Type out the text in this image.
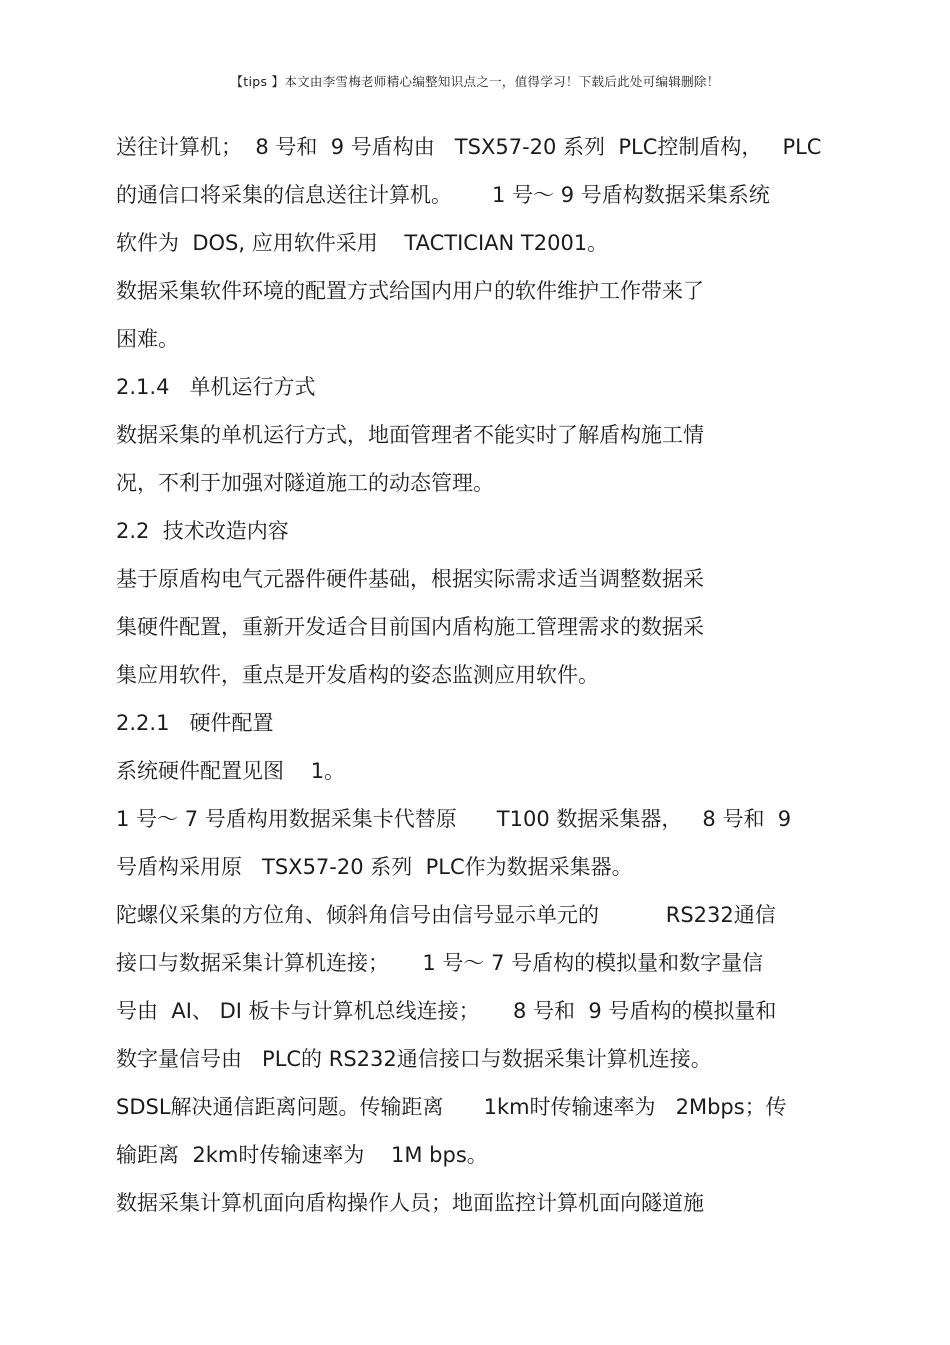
【tips 】本文由李雪梅老师精心编整知识点之一，值得学习！下载后此处可编辑删除！
送往计算机；  8 号和  9 号盾构由   TSX57-20 系列  PLC控制盾构，   PLC
的通信口将采集的信息送往计算机。      1 号～ 9 号盾构数据采集系统
软件为  DOS, 应用软件采用    TACTICIAN T2001。
数据采集软件环境的配置方式给国内用户的软件维护工作带来了
困难。
2.1.4   单机运行方式
数据采集的单机运行方式，地面管理者不能实时了解盾构施工情
况，不利于加强对隧道施工的动态管理。
2.2  技术改造内容
基于原盾构电气元器件硬件基础，根据实际需求适当调整数据采
集硬件配置，重新开发适合目前国内盾构施工管理需求的数据采
集应用软件，重点是开发盾构的姿态监测应用软件。
2.2.1   硬件配置
系统硬件配置见图    1。
1 号～ 7 号盾构用数据采集卡代替原      T100 数据采集器，   8 号和  9
号盾构采用原   TSX57-20 系列  PLC作为数据采集器。
陀螺仪采集的方位角、倾斜角信号由信号显示单元的          RS232通信
接口与数据采集计算机连接；     1 号～ 7 号盾构的模拟量和数字量信
号由  AI、 DI 板卡与计算机总线连接；     8 号和  9 号盾构的模拟量和
数字量信号由   PLC的 RS232通信接口与数据采集计算机连接。
SDSL解决通信距离问题。传输距离      1km时传输速率为   2Mbps；传
输距离  2km时传输速率为    1M bps。
数据采集计算机面向盾构操作人员；地面监控计算机面向隧道施
